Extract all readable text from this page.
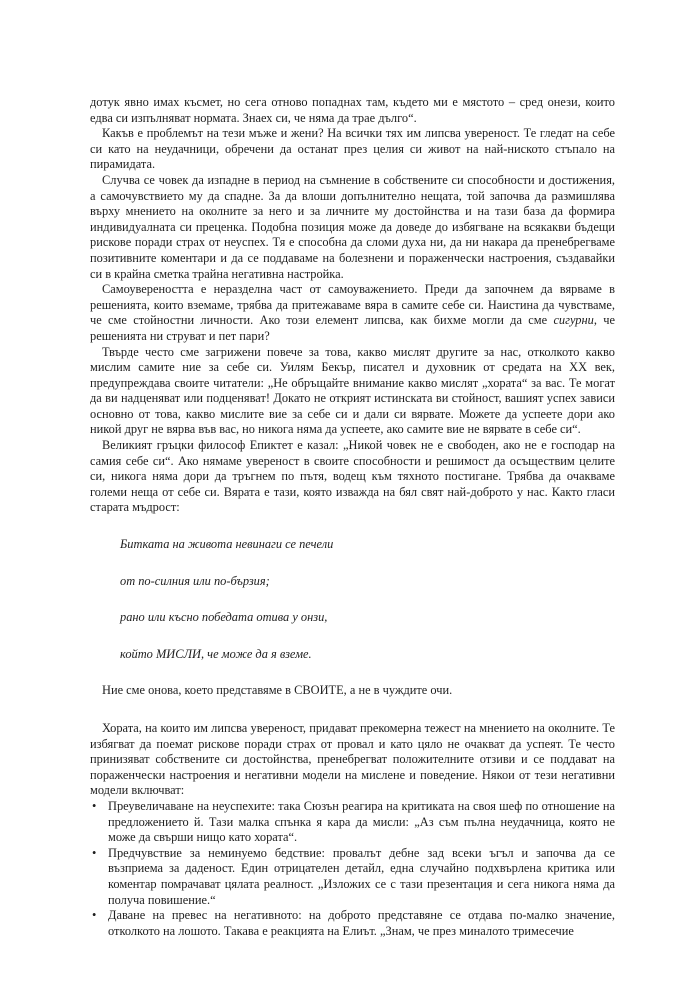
дотук явно имах късмет, но сега отново попаднах там, където ми е мястото – сред онези, които едва си изпълняват нормата. Знаех си, че няма да трае дълго“.

Какъв е проблемът на тези мъже и жени? На всички тях им липсва увереност. Те гледат на себе си като на неудачници, обречени да останат през целия си живот на най-ниското стъпало на пирамидата.

Случва се човек да изпадне в период на съмнение в собствените си способности и достижения, а самочувствието му да спадне. За да влоши допълнително нещата, той започва да размишлява върху мнението на околните за него и за личните му достойнства и на тази база да формира индивидуалната си преценка. Подобна позиция може да доведе до избягване на всякакви бъдещи рискове поради страх от неуспех. Тя е способна да сломи духа ни, да ни накара да пренебрегваме позитивните коментари и да се поддаваме на болезнени и пораженчески настроения, създавайки си в крайна сметка трайна негативна настройка.

Самоувереността е неразделна част от самоуважението. Преди да започнем да вярваме в решенията, които вземаме, трябва да притежаваме вяра в самите себе си. Наистина да чувстваме, че сме стойностни личности. Ако този елемент липсва, как бихме могли да сме сигурни, че решенията ни струват и пет пари?

Твърде често сме загрижени повече за това, какво мислят другите за нас, отколкото какво мислим самите ние за себе си. Уилям Бекър, писател и духовник от средата на XX век, предупреждава своите читатели: „Не обръщайте внимание какво мислят „хората“ за вас. Те могат да ви надценяват или подценяват! Докато не открият истинската ви стойност, вашият успех зависи основно от това, какво мислите вие за себе си и дали си вярвате. Можете да успеете дори ако никой друг не вярва във вас, но никога няма да успеете, ако самите вие не вярвате в себе си“.

Великият гръцки философ Епиктет е казал: „Никой човек не е свободен, ако не е господар на самия себе си“. Ако нямаме увереност в своите способности и решимост да осъществим целите си, никога няма дори да тръгнем по пътя, водещ към тяхното постигане. Трябва да очакваме големи неща от себе си. Вярата е тази, която изважда на бял свят най-доброто у нас. Както гласи старата мъдрост:

Битката на живота невинаги се печели

от по-силния или по-бързия;

рано или късно победата отива у онзи,

който МИСЛИ, че може да я вземе.

Ние сме онова, което представяме в СВОИТЕ, а не в чуждите очи.

Хората, на които им липсва увереност, придават прекомерна тежест на мнението на околните. Те избягват да поемат рискове поради страх от провал и като цяло не очакват да успеят. Те често принизяват собствените си достойнства, пренебрегват положителните отзиви и се поддават на пораженчески настроения и негативни модели на мислене и поведение. Някои от тези негативни модели включват:

• Преувеличаване на неуспехите: така Сюзън реагира на критиката на своя шеф по отношение на предложението й. Тази малка спънка я кара да мисли: „Аз съм пълна неудачница, която не може да свърши нищо като хората“.
• Предчувствие за неминуемо бедствие: провалът дебне зад всеки ъгъл и започва да се възприема за даденост. Един отрицателен детайл, една случайно подхвърлена критика или коментар помрачават цялата реалност. „Изложих се с тази презентация и сега никога няма да получа повишение.“
• Даване на превес на негативното: на доброто представяне се отдава по-малко значение, отколкото на лошото. Такава е реакцията на Елиът. „Знам, че през миналото тримесечие
